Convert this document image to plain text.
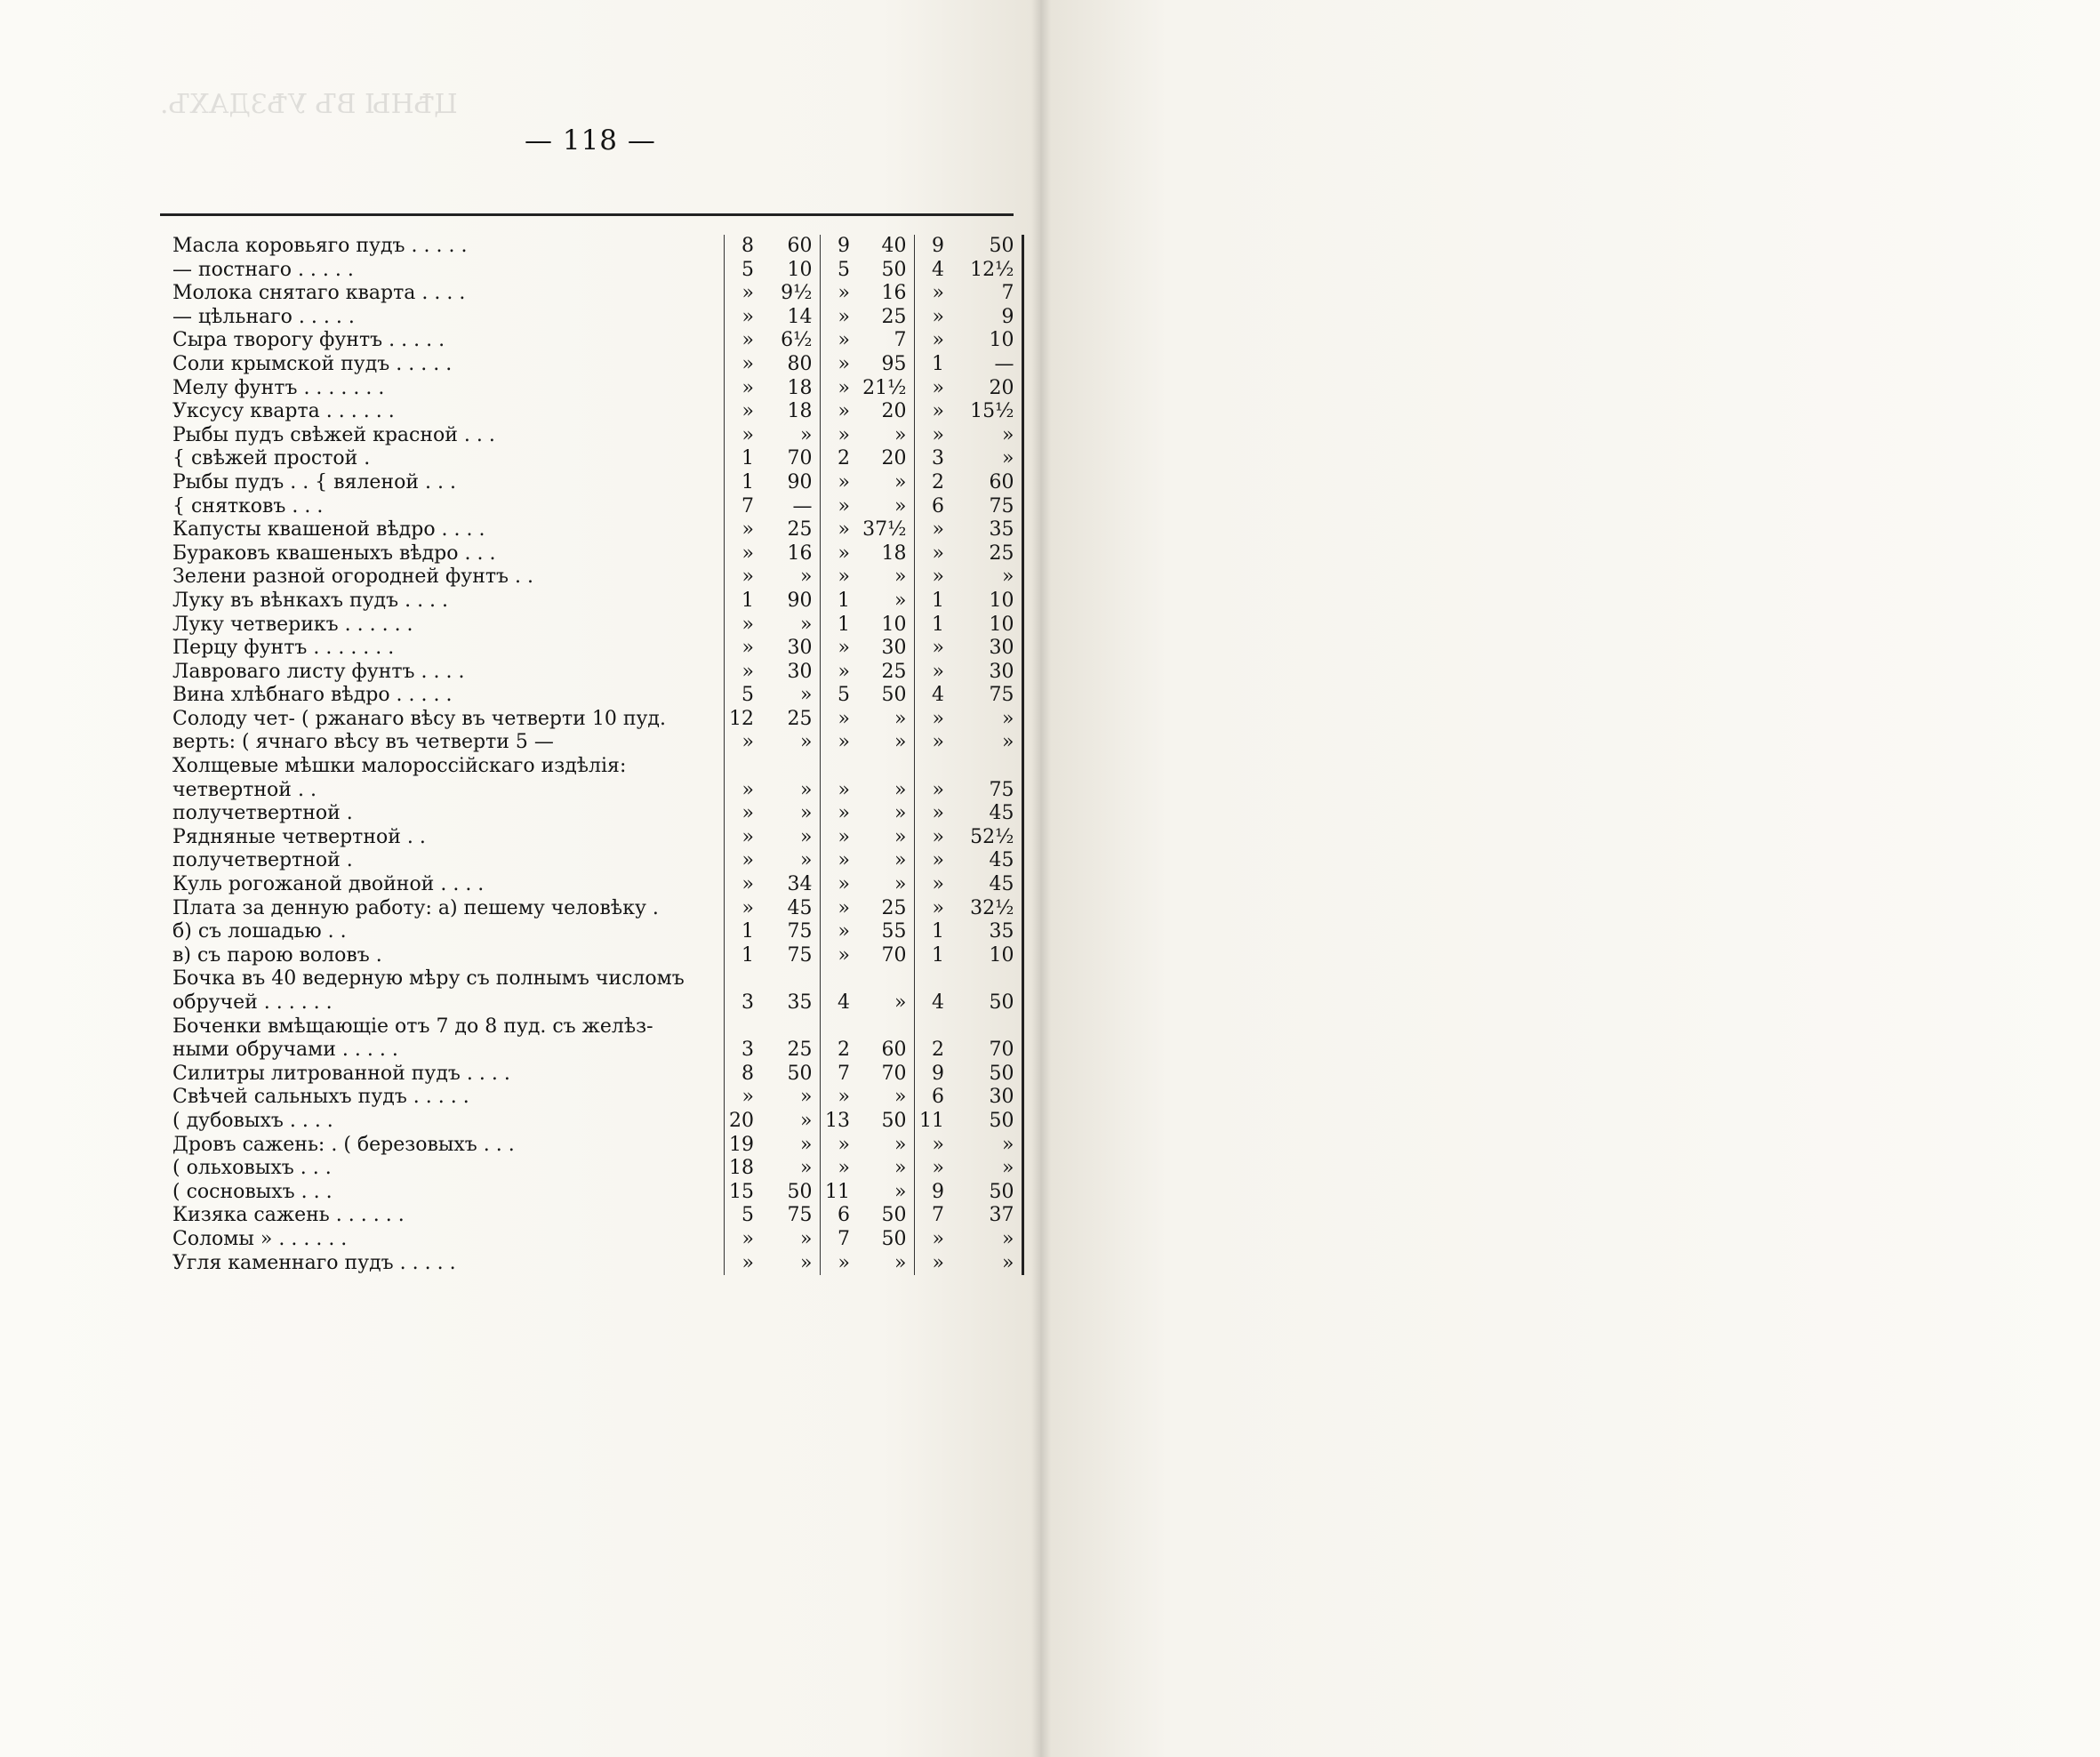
ЦѢНЫ ВЪ УѢЗДАХЪ.
— 118 —
Масла коровьяго пудъ . . . . .	8	60	9	40	9	50
— постнаго . . . . .	5	10	5	50	4	12½
Молока снятаго кварта . . . .	»	9½	»	16	»	7
— цѣльнаго . . . . .	»	14	»	25	»	9
Сыра творогу фунтъ . . . . .	»	6½	»	7	»	10
Соли крымской пудъ . . . . .	»	80	»	95	1	—
Мелу фунтъ . . . . . . .	»	18	»	21½	»	20
Уксусу кварта . . . . . .	»	18	»	20	»	15½
Рыбы пудъ свѣжей красной . . .	»	»	»	»	»	»
{ свѣжей простой .	1	70	2	20	3	»
Рыбы пудъ . . { вяленой . . .	1	90	»	»	2	60
{ снятковъ . . .	7	—	»	»	6	75
Капусты квашеной вѣдро . . . .	»	25	»	37½	»	35
Бураковъ квашеныхъ вѣдро . . .	»	16	»	18	»	25
Зелени разной огородней фунтъ . .	»	»	»	»	»	»
Луку въ вѣнкахъ пудъ . . . .	1	90	1	»	1	10
Луку четверикъ . . . . . .	»	»	1	10	1	10
Перцу фунтъ . . . . . . .	»	30	»	30	»	30
Лавроваго листу фунтъ . . . .	»	30	»	25	»	30
Вина хлѣбнаго вѣдро . . . . .	5	»	5	50	4	75
Солоду чет- ( ржанаго вѣсу въ четверти 10 пуд.	12	25	»	»	»	»
верть: ( ячнаго вѣсу въ четверти 5 —	»	»	»	»	»	»
Холщевые мѣшки малороссійскаго издѣлія:						
четвертной . .	»	»	»	»	»	75
получетвертной .	»	»	»	»	»	45
Рядняные четвертной . .	»	»	»	»	»	52½
получетвертной .	»	»	»	»	»	45
Куль рогожаной двойной . . . .	»	34	»	»	»	45
Плата за денную работу: а) пешему человѣку .	»	45	»	25	»	32½
б) съ лошадью . .	1	75	»	55	1	35
в) съ парою воловъ .	1	75	»	70	1	10
Бочка въ 40 ведерную мѣру съ полнымъ числомъ						
обручей . . . . . .	3	35	4	»	4	50
Боченки вмѣщающіе отъ 7 до 8 пуд. съ желѣз-						
ными обручами . . . . .	3	25	2	60	2	70
Силитры литрованной пудъ . . . .	8	50	7	70	9	50
Свѣчей сальныхъ пудъ . . . . .	»	»	»	»	6	30
( дубовыхъ . . . .	20	»	13	50	11	50
Дровъ сажень: . ( березовыхъ . . .	19	»	»	»	»	»
( ольховыхъ . . .	18	»	»	»	»	»
( сосновыхъ . . .	15	50	11	»	9	50
Кизяка сажень . . . . . .	5	75	6	50	7	37
Соломы » . . . . . .	»	»	7	50	»	»
Угля каменнаго пудъ . . . . .	»	»	»	»	»	»
